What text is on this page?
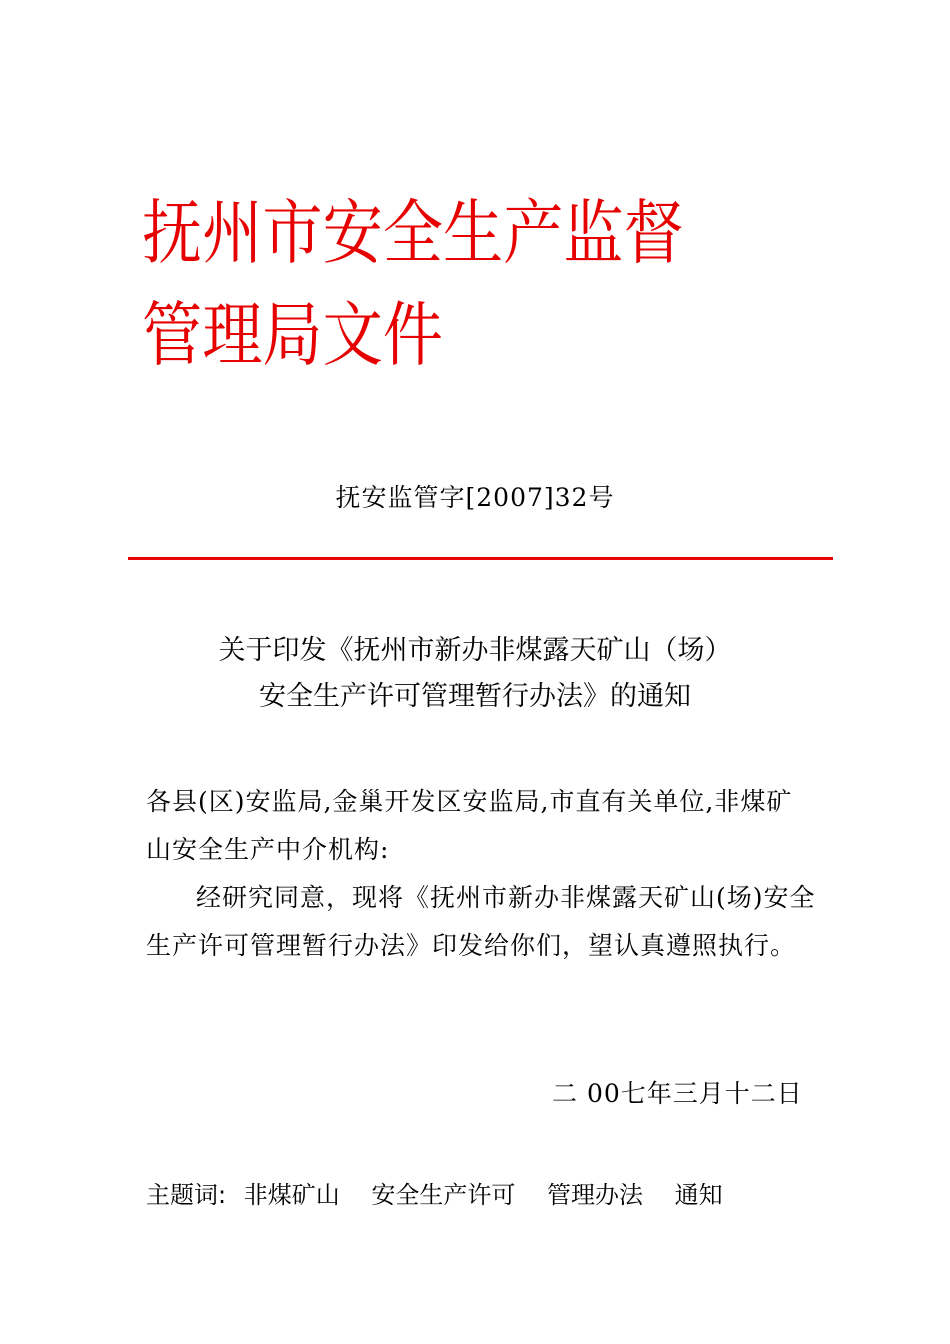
抚州市安全生产监督管理局文件
抚安监管字[2007]32号
关于印发《抚州市新办非煤露天矿山（场）
安全生产许可管理暂行办法》的通知

各县(区)安监局,金巢开发区安监局,市直有关单位,非煤矿山安全生产中介机构:

经研究同意，现将《抚州市新办非煤露天矿山(场)安全生产许可管理暂行办法》印发给你们，望认真遵照执行。

二 00七年三月十二日
主题词: 非煤矿山 安全生产许可 管理办法 通知
